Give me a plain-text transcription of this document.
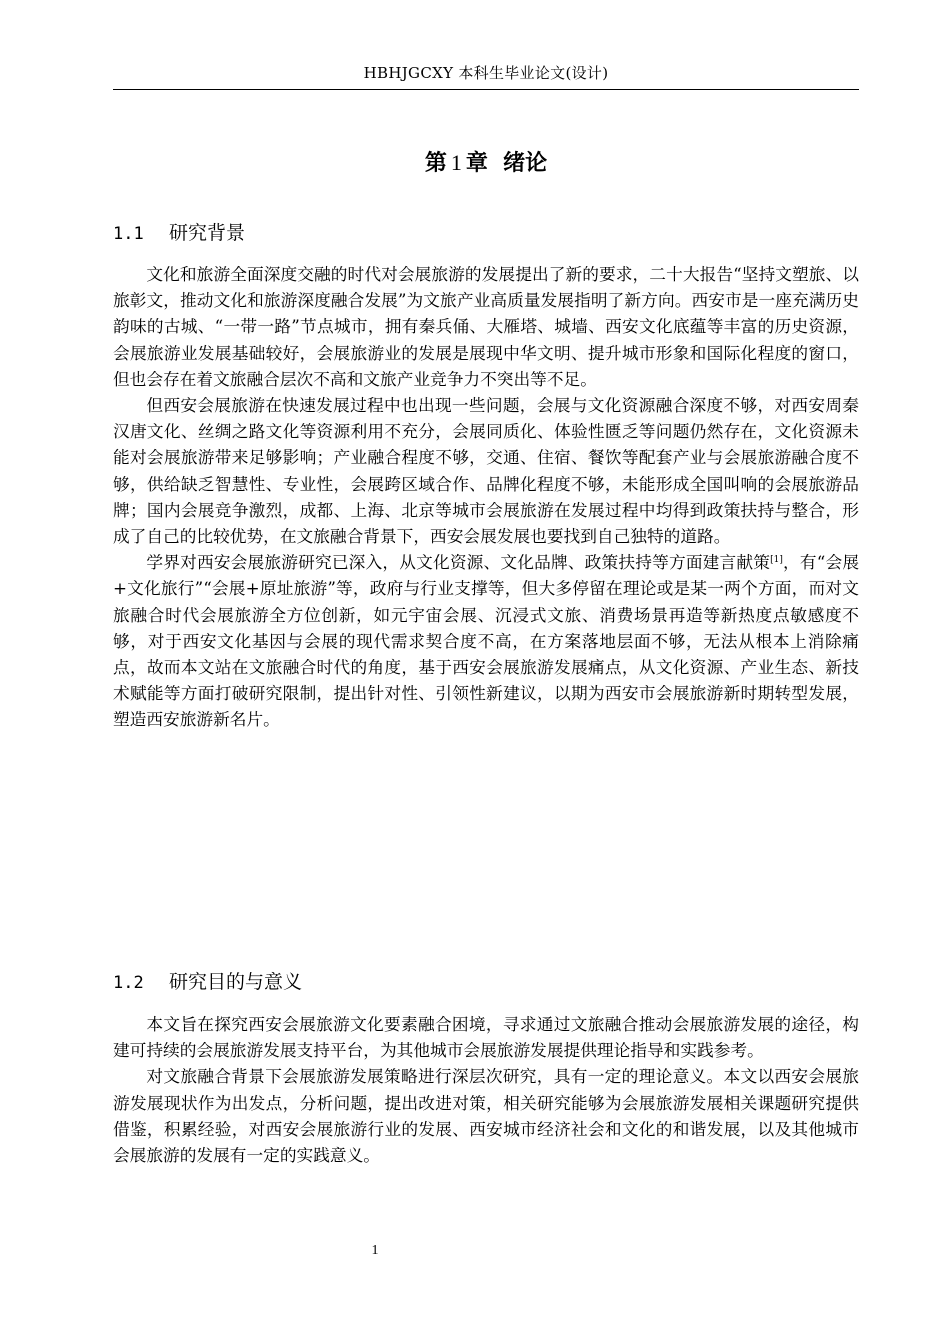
HBHJGCXY 本科生毕业论文(设计)
第 1 章 绪论
1.1 研究背景

文化和旅游全面深度交融的时代对会展旅游的发展提出了新的要求，二十大报告“坚持文塑旅、以旅彰文，推动文化和旅游深度融合发展”为文旅产业高质量发展指明了新方向。西安市是一座充满历史韵味的古城、“一带一路”节点城市，拥有秦兵俑、大雁塔、城墙、西安文化底蕴等丰富的历史资源，会展旅游业发展基础较好，会展旅游业的发展是展现中华文明、提升城市形象和国际化程度的窗口，但也会存在着文旅融合层次不高和文旅产业竞争力不突出等不足。

但西安会展旅游在快速发展过程中也出现一些问题，会展与文化资源融合深度不够，对西安周秦汉唐文化、丝绸之路文化等资源利用不充分，会展同质化、体验性匮乏等问题仍然存在，文化资源未能对会展旅游带来足够影响；产业融合程度不够，交通、住宿、餐饮等配套产业与会展旅游融合度不够，供给缺乏智慧性、专业性，会展跨区域合作、品牌化程度不够，未能形成全国叫响的会展旅游品牌；国内会展竞争激烈，成都、上海、北京等城市会展旅游在发展过程中均得到政策扶持与整合，形成了自己的比较优势，在文旅融合背景下，西安会展发展也要找到自己独特的道路。

学界对西安会展旅游研究已深入，从文化资源、文化品牌、政策扶持等方面建言献策[1]，有“会展+文化旅行”“会展+原址旅游”等，政府与行业支撑等，但大多停留在理论或是某一两个方面，而对文旅融合时代会展旅游全方位创新，如元宇宙会展、沉浸式文旅、消费场景再造等新热度点敏感度不够，对于西安文化基因与会展的现代需求契合度不高，在方案落地层面不够，无法从根本上消除痛点，故而本文站在文旅融合时代的角度，基于西安会展旅游发展痛点，从文化资源、产业生态、新技术赋能等方面打破研究限制，提出针对性、引领性新建议，以期为西安市会展旅游新时期转型发展，塑造西安旅游新名片。

1.2 研究目的与意义

本文旨在探究西安会展旅游文化要素融合困境，寻求通过文旅融合推动会展旅游发展的途径，构建可持续的会展旅游发展支持平台，为其他城市会展旅游发展提供理论指导和实践参考。

对文旅融合背景下会展旅游发展策略进行深层次研究，具有一定的理论意义。本文以西安会展旅游发展现状作为出发点，分析问题，提出改进对策，相关研究能够为会展旅游发展相关课题研究提供借鉴，积累经验，对西安会展旅游行业的发展、西安城市经济社会和文化的和谐发展，以及其他城市会展旅游的发展有一定的实践意义。

1
